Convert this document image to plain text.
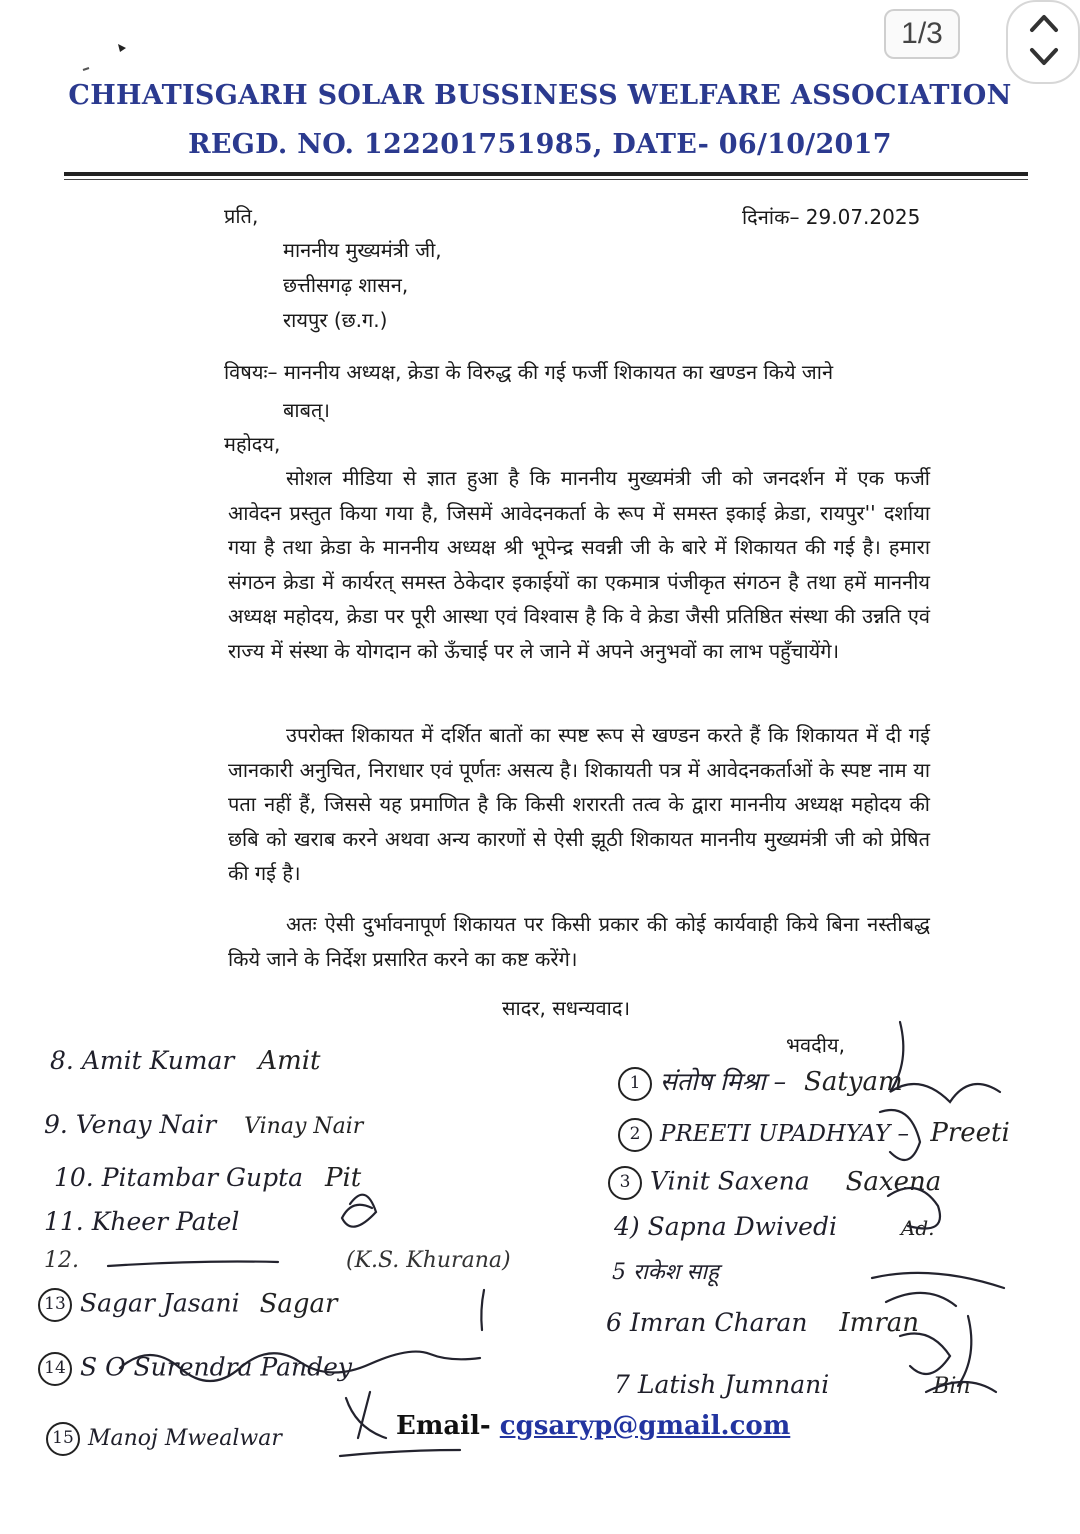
1/3
CHHATISGARH SOLAR BUSSINESS WELFARE ASSOCIATION
REGD. NO. 122201751985, DATE- 06/10/2017
प्रति,	दिनांक– 29.07.2025
माननीय मुख्यमंत्री जी,
छत्तीसगढ़ शासन,
रायपुर (छ.ग.)
विषयः– माननीय अध्यक्ष, क्रेडा के विरुद्ध की गई फर्जी शिकायत का खण्डन किये जाने
बाबत्।
महोदय,
सोशल मीडिया से ज्ञात हुआ है कि माननीय मुख्यमंत्री जी को जनदर्शन में एक फर्जी आवेदन प्रस्तुत किया गया है, जिसमें आवेदनकर्ता के रूप में समस्त इकाई क्रेडा, रायपुर'' दर्शाया गया है तथा क्रेडा के माननीय अध्यक्ष श्री भूपेन्द्र सवन्नी जी के बारे में शिकायत की गई है। हमारा संगठन क्रेडा में कार्यरत् समस्त ठेकेदार इकाईयों का एकमात्र पंजीकृत संगठन है तथा हमें माननीय अध्यक्ष महोदय, क्रेडा पर पूरी आस्था एवं विश्वास है कि वे क्रेडा जैसी प्रतिष्ठित संस्था की उन्नति एवं राज्य में संस्था के योगदान को ऊँचाई पर ले जाने में अपने अनुभवों का लाभ पहुँचायेंगे।
उपरोक्त शिकायत में दर्शित बातों का स्पष्ट रूप से खण्डन करते हैं कि शिकायत में दी गई जानकारी अनुचित, निराधार एवं पूर्णतः असत्य है। शिकायती पत्र में आवेदनकर्ताओं के स्पष्ट नाम या पता नहीं हैं, जिससे यह प्रमाणित है कि किसी शरारती तत्व के द्वारा माननीय अध्यक्ष महोदय की छबि को खराब करने अथवा अन्य कारणों से ऐसी झूठी शिकायत माननीय मुख्यमंत्री जी को प्रेषित की गई है।
अतः ऐसी दुर्भावनापूर्ण शिकायत पर किसी प्रकार की कोई कार्यवाही किये बिना नस्तीबद्ध किये जाने के निर्देश प्रसारित करने का कष्ट करेंगे।
सादर, सधन्यवाद।
भवदीय,
8. Amit Kumar Amit
9. Venay Nair Vinay Nair
10. Pitambar Gupta Pit
11. Kheer Patel
12.	(K.S. Khurana)
13 Sagar Jasani Sagar
14 S O Surendra Pandey
15 Manoj Mwealwar
1 संतोष मिश्रा – Satyam
2 PREETI UPADHYAY – Preeti
3 Vinit Saxena Saxena
4) Sapna Dwivedi	Ad.
5 राकेश साहू
6 Imran Charan Imran
7 Latish Jumnani	Bin
Email- cgsaryp@gmail.com
